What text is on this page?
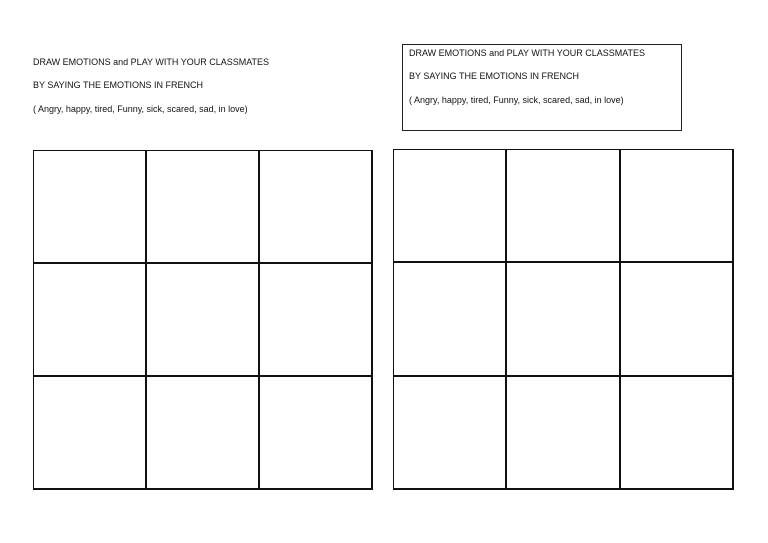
DRAW EMOTIONS and PLAY WITH YOUR CLASSMATES
BY SAYING THE EMOTIONS IN FRENCH
( Angry, happy, tired, Funny, sick, scared, sad, in love)
DRAW EMOTIONS and PLAY WITH YOUR CLASSMATES
BY SAYING THE EMOTIONS IN FRENCH
( Angry, happy, tired, Funny, sick, scared, sad, in love)
